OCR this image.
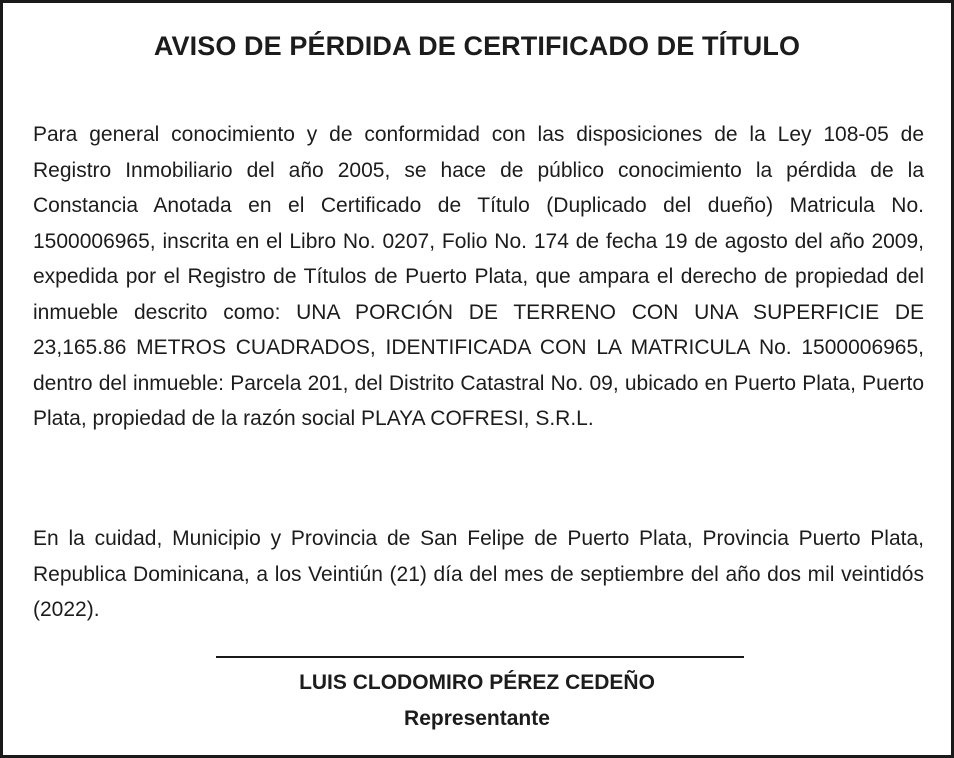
AVISO DE PÉRDIDA DE CERTIFICADO DE TÍTULO

Para general conocimiento y de conformidad con las disposiciones de la Ley 108-05 de Registro Inmobiliario del año 2005, se hace de público conocimiento la pérdida de la Constancia Anotada en el Certificado de Título (Duplicado del dueño) Matricula No. 1500006965, inscrita en el Libro No. 0207, Folio No. 174 de fecha 19 de agosto del año 2009, expedida por el Registro de Títulos de Puerto Plata, que ampara el derecho de propiedad del inmueble descrito como: UNA PORCIÓN DE TERRENO CON UNA SUPERFICIE DE 23,165.86 METROS CUADRADOS, IDENTIFICADA CON LA MATRICULA No. 1500006965, dentro del inmueble: Parcela 201, del Distrito Catastral No. 09, ubicado en Puerto Plata, Puerto Plata, propiedad de la razón social PLAYA COFRESI, S.R.L.

En la cuidad, Municipio y Provincia de San Felipe de Puerto Plata, Provincia Puerto Plata, Republica Dominicana, a los Veintiún (21) día del mes de septiembre del año dos mil veintidós (2022).

LUIS CLODOMIRO PÉREZ CEDEÑO
Representante
